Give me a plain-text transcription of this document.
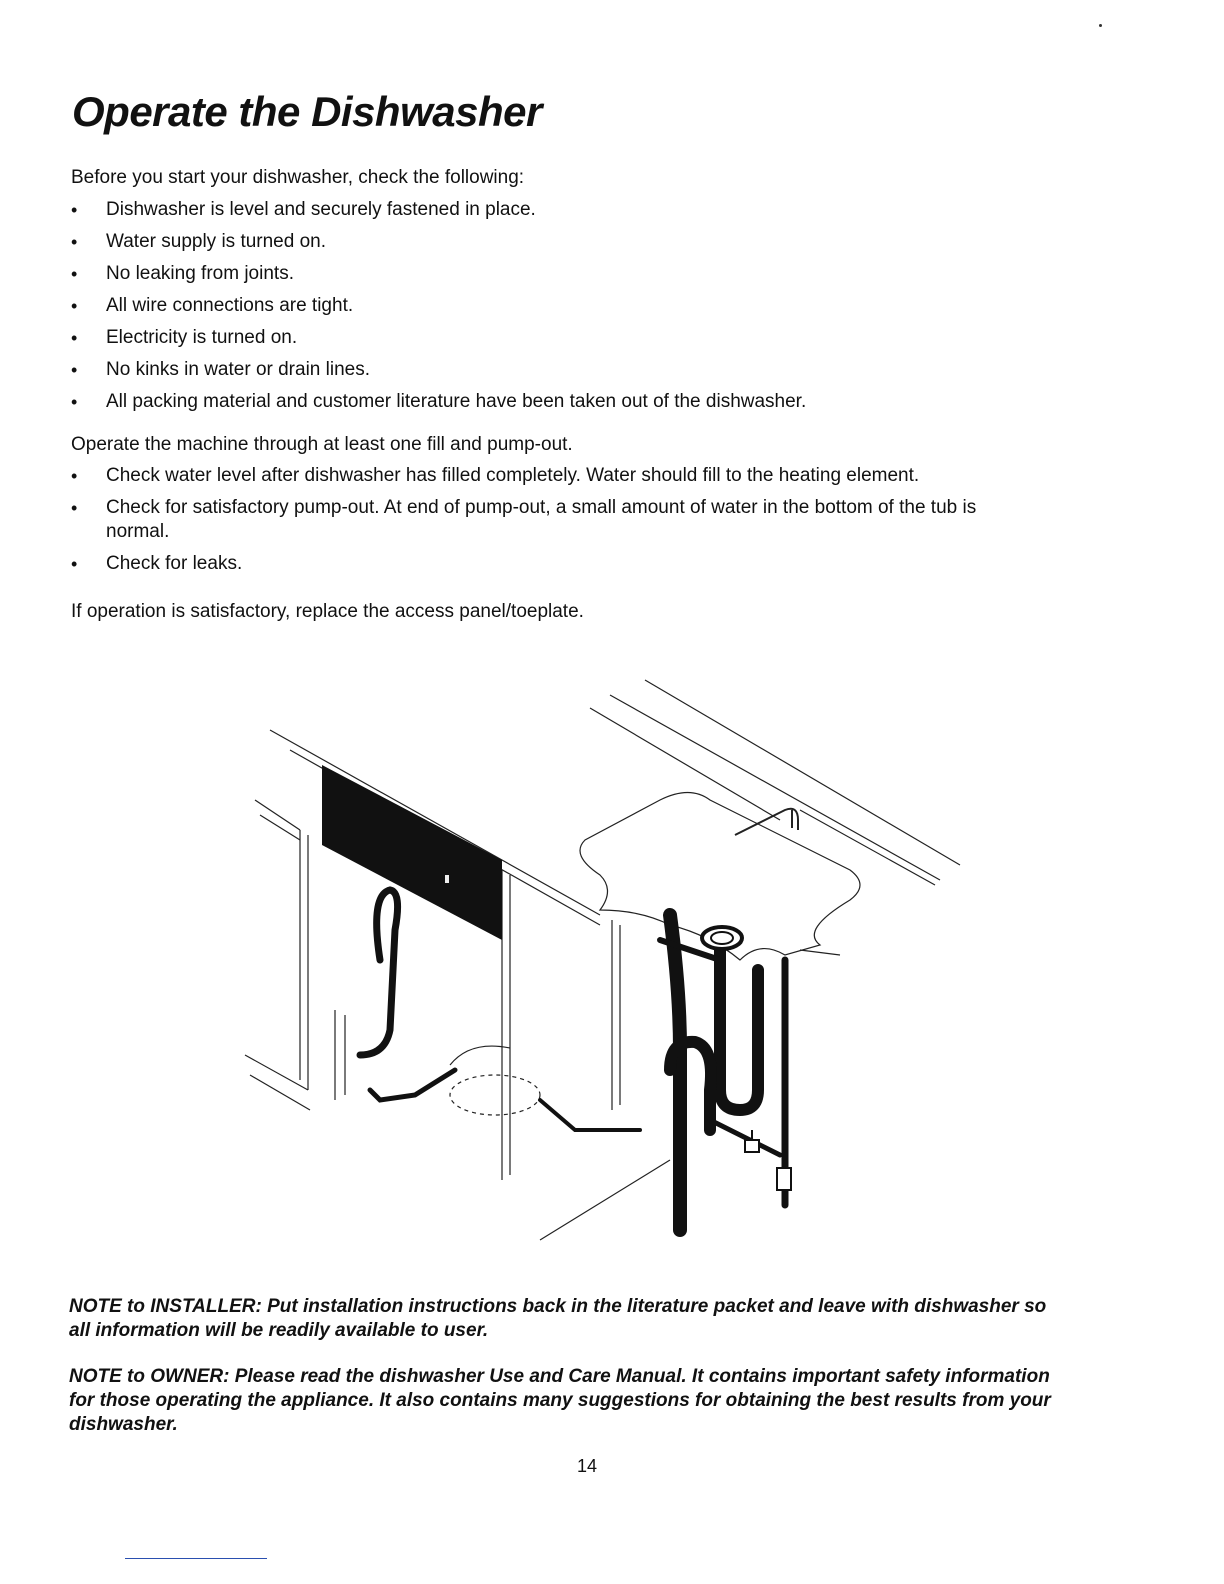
Operate the Dishwasher

Before you start your dishwasher, check the following:

• Dishwasher is level and securely fastened in place.
• Water supply is turned on.
• No leaking from joints.
• All wire connections are tight.
• Electricity is turned on.
• No kinks in water or drain lines.
• All packing material and customer literature have been taken out of the dishwasher.

Operate the machine through at least one fill and pump-out.

• Check water level after dishwasher has filled completely. Water should fill to the heating element.
• Check for satisfactory pump-out. At end of pump-out, a small amount of water in the bottom of the tub is normal.
• Check for leaks.

If operation is satisfactory, replace the access panel/toeplate.

NOTE to INSTALLER: Put installation instructions back in the literature packet and leave with dishwasher so all information will be readily available to user.

NOTE to OWNER: Please read the dishwasher Use and Care Manual. It contains important safety information for those operating the appliance. It also contains many suggestions for obtaining the best results from your dishwasher.

14
